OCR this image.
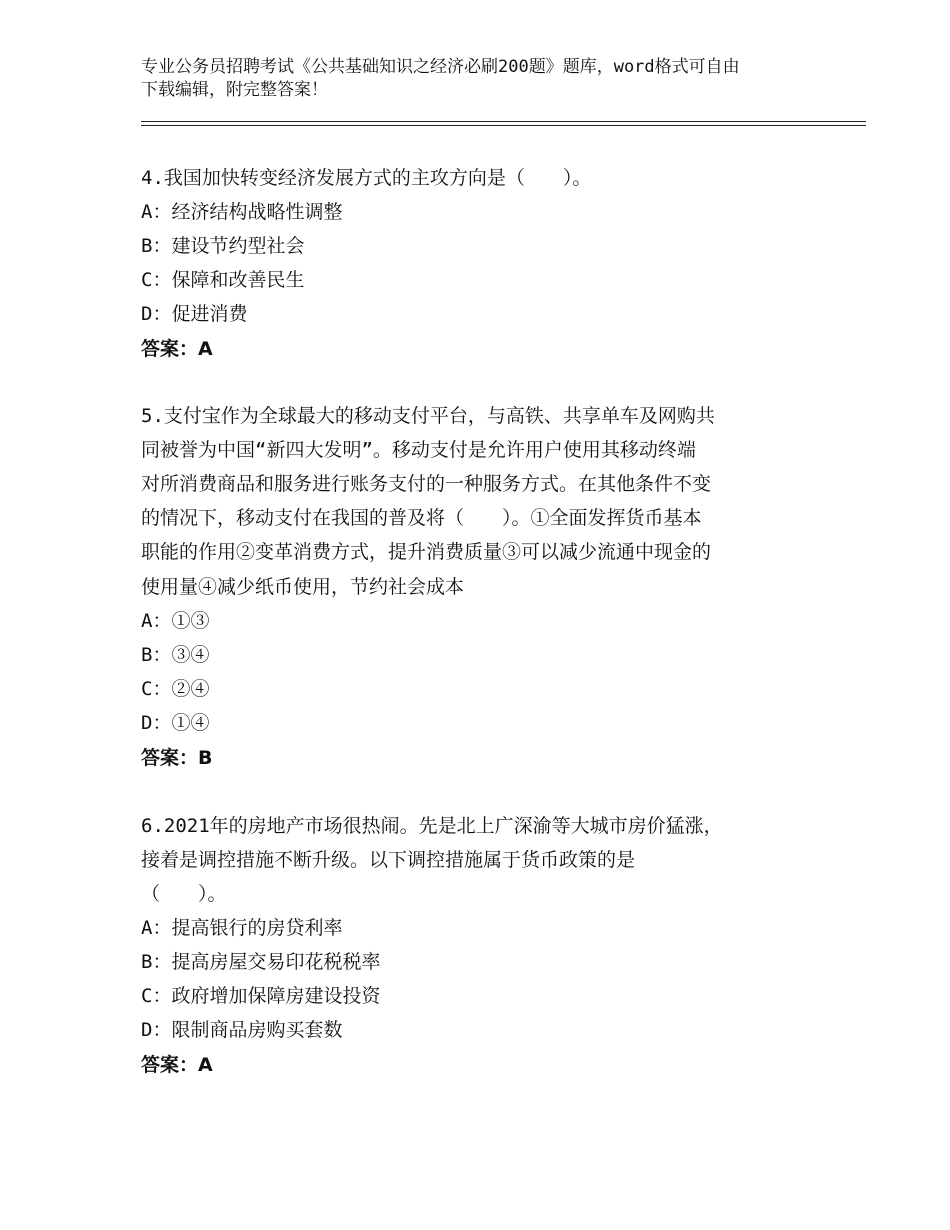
专业公务员招聘考试《公共基础知识之经济必刷200题》题库，word格式可自由
下载编辑，附完整答案！
4.我国加快转变经济发展方式的主攻方向是（　　）。
A：经济结构战略性调整
B：建设节约型社会
C：保障和改善民生
D：促进消费
答案：A
5.支付宝作为全球最大的移动支付平台，与高铁、共享单车及网购共
同被誉为中国“新四大发明”。移动支付是允许用户使用其移动终端
对所消费商品和服务进行账务支付的一种服务方式。在其他条件不变
的情况下，移动支付在我国的普及将（　　）。①全面发挥货币基本
职能的作用②变革消费方式，提升消费质量③可以减少流通中现金的
使用量④减少纸币使用，节约社会成本
A：①③
B：③④
C：②④
D：①④
答案：B
6.2021年的房地产市场很热闹。先是北上广深渝等大城市房价猛涨，
接着是调控措施不断升级。以下调控措施属于货币政策的是
（　　）。
A：提高银行的房贷利率
B：提高房屋交易印花税税率
C：政府增加保障房建设投资
D：限制商品房购买套数
答案：A
